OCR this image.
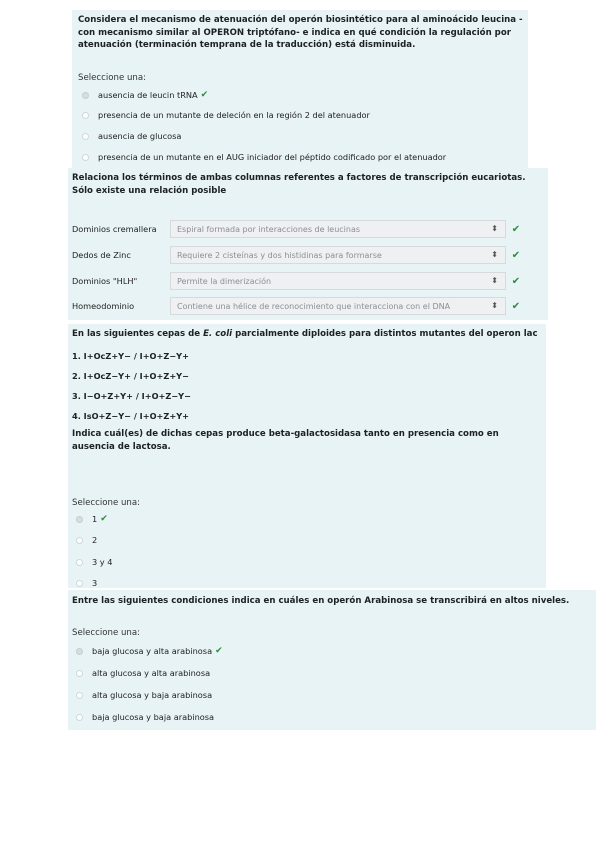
Considera el mecanismo de atenuación del operón biosintético para al aminoácido leucina -con mecanismo similar al OPERON triptófano- e indica en qué condición la regulación por atenuación (terminación temprana de la traducción) está disminuida.
Seleccione una:
ausencia de leucin tRNA ✔
presencia de un mutante de deleción en la región 2 del atenuador
ausencia de glucosa
presencia de un mutante en el AUG iniciador del péptido codificado por el atenuador
Relaciona los términos de ambas columnas referentes a factores de transcripción eucariotas. Sólo existe una relación posible
Dominios cremallera	Espiral formada por interacciones de leucinas	⬍	✔
Dedos de Zinc	Requiere 2 cisteínas y dos histidinas para formarse	⬍	✔
Dominios "HLH"	Permite la dimerización	⬍	✔
Homeodominio	Contiene una hélice de reconocimiento que interacciona con el DNA	⬍	✔
En las siguientes cepas de E. coli parcialmente diploides para distintos mutantes del operon lac
1. I+OcZ+Y− / I+O+Z−Y+
2. I+OcZ−Y+ / I+O+Z+Y−
3. I−O+Z+Y+ / I+O+Z−Y−
4. IsO+Z−Y− / I+O+Z+Y+
Indica cuál(es) de dichas cepas produce beta-galactosidasa tanto en presencia como en ausencia de lactosa.
Seleccione una:
1 ✔
2
3 y 4
3
Entre las siguientes condiciones indica en cuáles en operón Arabinosa se transcribirá en altos niveles.
Seleccione una:
baja glucosa y alta arabinosa ✔
alta glucosa y alta arabinosa
alta glucosa y baja arabinosa
baja glucosa y baja arabinosa
